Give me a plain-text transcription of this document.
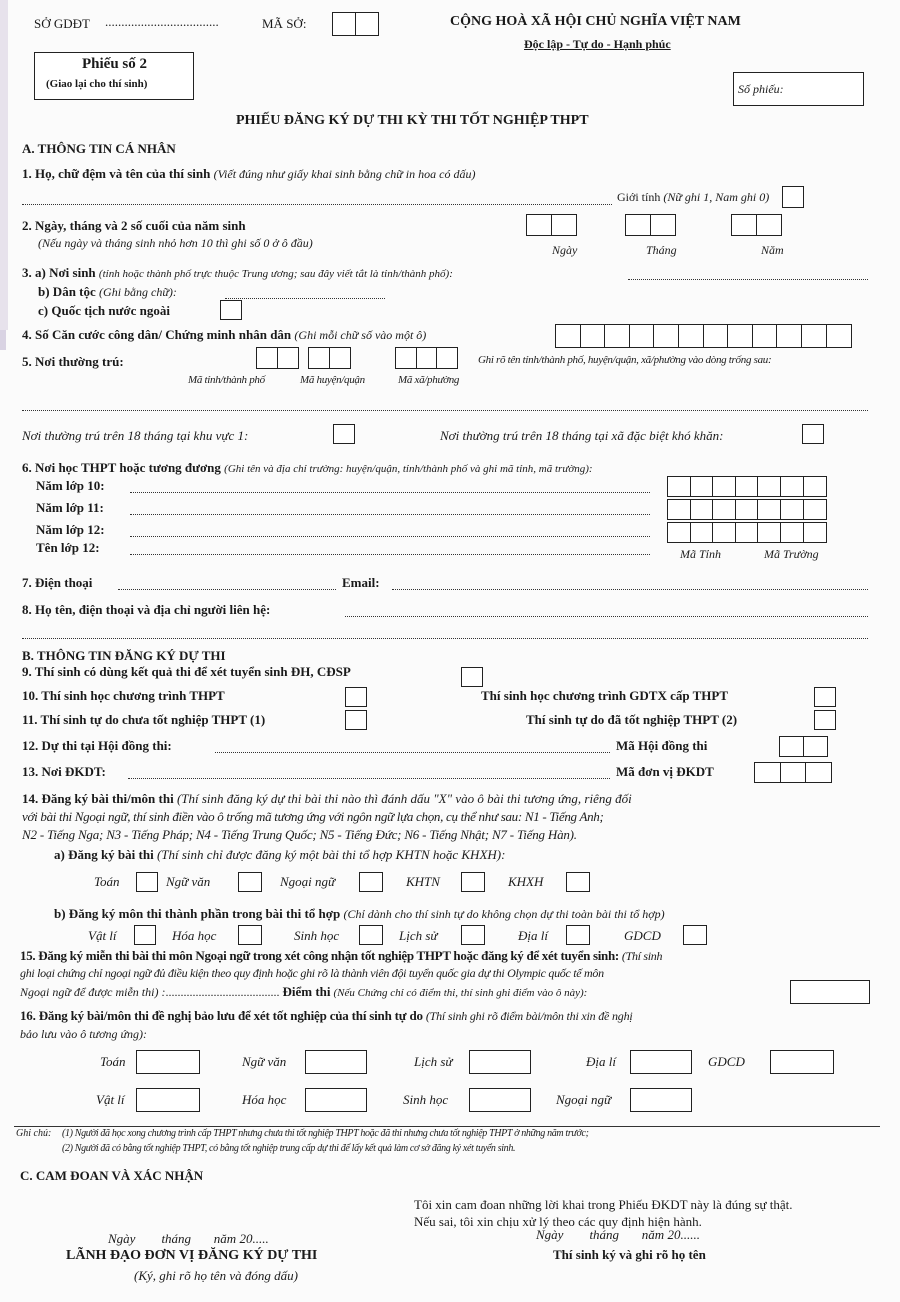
SỞ GDĐT ...................................	MÃ SỞ:	CỘNG HOÀ XÃ HỘI CHỦ NGHĨA VIỆT NAM
Độc lập - Tự do - Hạnh phúc
Phiếu số 2
(Giao lại cho thí sinh)	Số phiếu:
PHIẾU ĐĂNG KÝ DỰ THI KỲ THI TỐT NGHIỆP THPT
A. THÔNG TIN CÁ NHÂN
1. Họ, chữ đệm và tên của thí sinh (Viết đúng như giấy khai sinh bằng chữ in hoa có dấu)
Giới tính (Nữ ghi 1, Nam ghi 0)
2. Ngày, tháng và 2 số cuối của năm sinh
(Nếu ngày và tháng sinh nhỏ hơn 10 thì ghi số 0 ở ô đầu)	Ngày	Tháng	Năm
3. a) Nơi sinh (tỉnh hoặc thành phố trực thuộc Trung ương; sau đây viết tắt là tỉnh/thành phố):
b) Dân tộc (Ghi bằng chữ):
c) Quốc tịch nước ngoài
4. Số Căn cước công dân/ Chứng minh nhân dân (Ghi mỗi chữ số vào một ô)
5. Nơi thường trú:	Ghi rõ tên tỉnh/thành phố, huyện/quận, xã/phường vào dòng trống sau:
Mã tỉnh/thành phố	Mã huyện/quận	Mã xã/phường
Nơi thường trú trên 18 tháng tại khu vực 1:	Nơi thường trú trên 18 tháng tại xã đặc biệt khó khăn:
6. Nơi học THPT hoặc tương đương (Ghi tên và địa chỉ trường: huyện/quận, tỉnh/thành phố và ghi mã tỉnh, mã trường):
Năm lớp 10:
Năm lớp 11:
Năm lớp 12:
Tên lớp 12:	Mã Tỉnh	Mã Trường
7. Điện thoại	Email:
8. Họ tên, điện thoại và địa chỉ người liên hệ:
B. THÔNG TIN ĐĂNG KÝ DỰ THI
9. Thí sinh có dùng kết quả thi để xét tuyển sinh ĐH, CĐSP
10. Thí sinh học chương trình THPT	Thí sinh học chương trình GDTX cấp THPT
11. Thí sinh tự do chưa tốt nghiệp THPT (1)	Thí sinh tự do đã tốt nghiệp THPT (2)
12. Dự thi tại Hội đồng thi:	Mã Hội đồng thi
13. Nơi ĐKDT:	Mã đơn vị ĐKDT
14. Đăng ký bài thi/môn thi (Thí sinh đăng ký dự thi bài thi nào thì đánh dấu "X" vào ô bài thi tương ứng, riêng đối
với bài thi Ngoại ngữ, thí sinh điền vào ô trống mã tương ứng với ngôn ngữ lựa chọn, cụ thể như sau: N1 - Tiếng Anh;
N2 - Tiếng Nga; N3 - Tiếng Pháp; N4 - Tiếng Trung Quốc; N5 - Tiếng Đức; N6 - Tiếng Nhật; N7 - Tiếng Hàn).
a) Đăng ký bài thi (Thí sinh chỉ được đăng ký một bài thi tổ hợp KHTN hoặc KHXH):
Toán	Ngữ văn	Ngoại ngữ	KHTN	KHXH
b) Đăng ký môn thi thành phần trong bài thi tổ hợp (Chỉ dành cho thí sinh tự do không chọn dự thi toàn bài thi tổ hợp)
Vật lí	Hóa học	Sinh học	Lịch sử	Địa lí	GDCD
15. Đăng ký miễn thi bài thi môn Ngoại ngữ trong xét công nhận tốt nghiệp THPT hoặc đăng ký để xét tuyển sinh: (Thí sinh
ghi loại chứng chỉ ngoại ngữ đủ điều kiện theo quy định hoặc ghi rõ là thành viên đội tuyển quốc gia dự thi Olympic quốc tế môn
Ngoại ngữ để được miễn thi) :...................................... Điểm thi (Nếu Chứng chỉ có điểm thi, thí sinh ghi điểm vào ô này):
16. Đăng ký bài/môn thi đề nghị bảo lưu để xét tốt nghiệp của thí sinh tự do (Thí sinh ghi rõ điểm bài/môn thi xin đề nghị
bảo lưu vào ô tương ứng):
Toán	Ngữ văn	Lịch sử	Địa lí	GDCD
Vật lí	Hóa học	Sinh học	Ngoại ngữ
Ghi chú: (1) Người đã học xong chương trình cấp THPT nhưng chưa thi tốt nghiệp THPT hoặc đã thi nhưng chưa tốt nghiệp THPT ở những năm trước;
(2) Người đã có bằng tốt nghiệp THPT, có bằng tốt nghiệp trung cấp dự thi để lấy kết quả làm cơ sở đăng ký xét tuyển sinh.
C. CAM ĐOAN VÀ XÁC NHẬN
Tôi xin cam đoan những lời khai trong Phiếu ĐKDT này là đúng sự thật.
Nếu sai, tôi xin chịu xử lý theo các quy định hiện hành.
Ngày        tháng       năm 20.....	Ngày        tháng       năm 20......
LÃNH ĐẠO ĐƠN VỊ ĐĂNG KÝ DỰ THI	Thí sinh ký và ghi rõ họ tên
(Ký, ghi rõ họ tên và đóng dấu)
